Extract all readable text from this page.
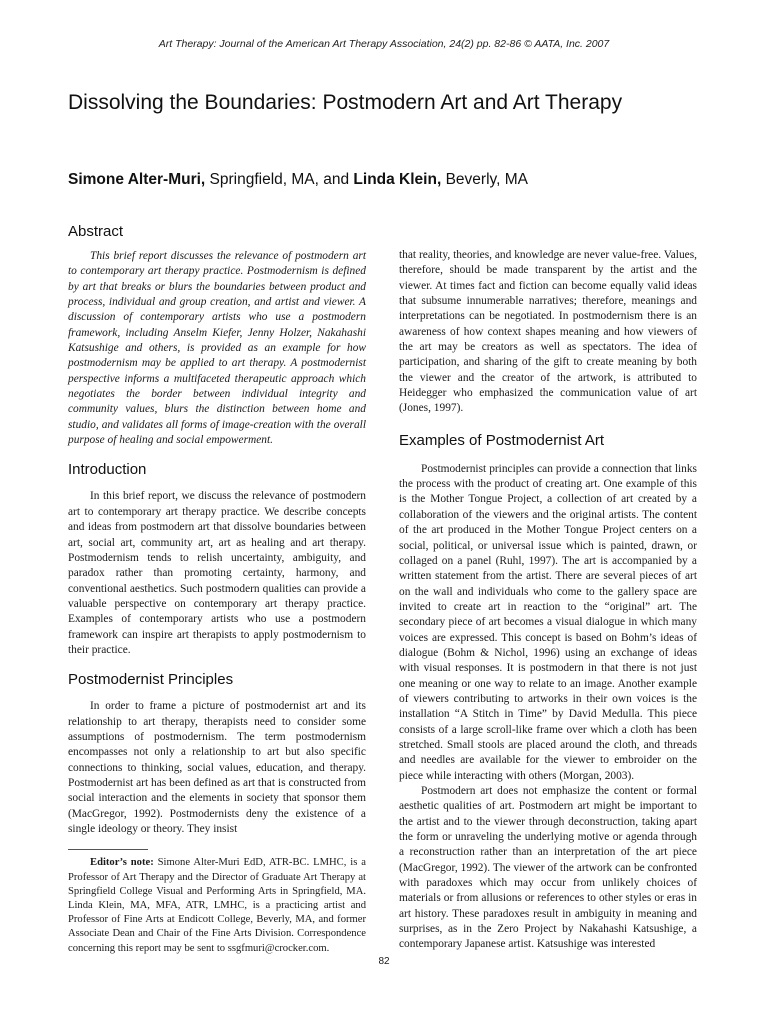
Art Therapy: Journal of the American Art Therapy Association, 24(2) pp. 82-86 © AATA, Inc. 2007
Dissolving the Boundaries: Postmodern Art and Art Therapy
Simone Alter-Muri, Springfield, MA, and Linda Klein, Beverly, MA
Abstract

This brief report discusses the relevance of postmodern art to contemporary art therapy practice. Postmodernism is defined by art that breaks or blurs the boundaries between product and process, individual and group creation, and artist and viewer. A discussion of contemporary artists who use a postmodern framework, including Anselm Kiefer, Jenny Holzer, Nakahashi Katsushige and others, is provided as an example for how postmodernism may be applied to art therapy. A postmodernist perspective informs a multifaceted therapeutic approach which negotiates the border between individual integrity and community values, blurs the distinction between home and studio, and validates all forms of image-creation with the overall purpose of healing and social empowerment.

Introduction

In this brief report, we discuss the relevance of postmodern art to contemporary art therapy practice. We describe concepts and ideas from postmodern art that dissolve boundaries between art, social art, community art, art as healing and art therapy. Postmodernism tends to relish uncertainty, ambiguity, and paradox rather than promoting certainty, harmony, and conventional aesthetics. Such postmodern qualities can provide a valuable perspective on contemporary art therapy practice. Examples of contemporary artists who use a postmodern framework can inspire art therapists to apply postmodernism to their practice.

Postmodernist Principles

In order to frame a picture of postmodernist art and its relationship to art therapy, therapists need to consider some assumptions of postmodernism. The term postmodernism encompasses not only a relationship to art but also specific connections to thinking, social values, education, and therapy. Postmodernist art has been defined as art that is constructed from social interaction and the elements in society that sponsor them (MacGregor, 1992). Postmodernists deny the existence of a single ideology or theory. They insist

Editor’s note: Simone Alter-Muri EdD, ATR-BC. LMHC, is a Professor of Art Therapy and the Director of Graduate Art Therapy at Springfield College Visual and Performing Arts in Springfield, MA. Linda Klein, MA, MFA, ATR, LMHC, is a practicing artist and Professor of Fine Arts at Endicott College, Beverly, MA, and former Associate Dean and Chair of the Fine Arts Division. Correspondence concerning this report may be sent to ssgfmuri@crocker.com.

that reality, theories, and knowledge are never value-free. Values, therefore, should be made transparent by the artist and the viewer. At times fact and fiction can become equally valid ideas that subsume innumerable narratives; therefore, meanings and interpretations can be negotiated. In postmodernism there is an awareness of how context shapes meaning and how viewers of the art may be creators as well as spectators. The idea of participation, and sharing of the gift to create meaning by both the viewer and the creator of the artwork, is attributed to Heidegger who emphasized the communication value of art (Jones, 1997).

Examples of Postmodernist Art

Postmodernist principles can provide a connection that links the process with the product of creating art. One example of this is the Mother Tongue Project, a collection of art created by a collaboration of the viewers and the original artists. The content of the art produced in the Mother Tongue Project centers on a social, political, or universal issue which is painted, drawn, or collaged on a panel (Ruhl, 1997). The art is accompanied by a written statement from the artist. There are several pieces of art on the wall and individuals who come to the gallery space are invited to create art in reaction to the “original” art. The secondary piece of art becomes a visual dialogue in which many voices are expressed. This concept is based on Bohm’s ideas of dialogue (Bohm & Nichol, 1996) using an exchange of ideas with visual responses. It is postmodern in that there is not just one meaning or one way to relate to an image. Another example of viewers contributing to artworks in their own voices is the installation “A Stitch in Time” by David Medulla. This piece consists of a large scroll-like frame over which a cloth has been stretched. Small stools are placed around the cloth, and threads and needles are available for the viewer to embroider on the piece while interacting with others (Morgan, 2003).

Postmodern art does not emphasize the content or formal aesthetic qualities of art. Postmodern art might be important to the artist and to the viewer through deconstruction, taking apart the form or unraveling the underlying motive or agenda through a reconstruction rather than an interpretation of the art piece (MacGregor, 1992). The viewer of the artwork can be confronted with paradoxes which may occur from unlikely choices of materials or from allusions or references to other styles or eras in art history. These paradoxes result in ambiguity in meaning and surprises, as in the Zero Project by Nakahashi Katsushige, a contemporary Japanese artist. Katsushige was interested

82
